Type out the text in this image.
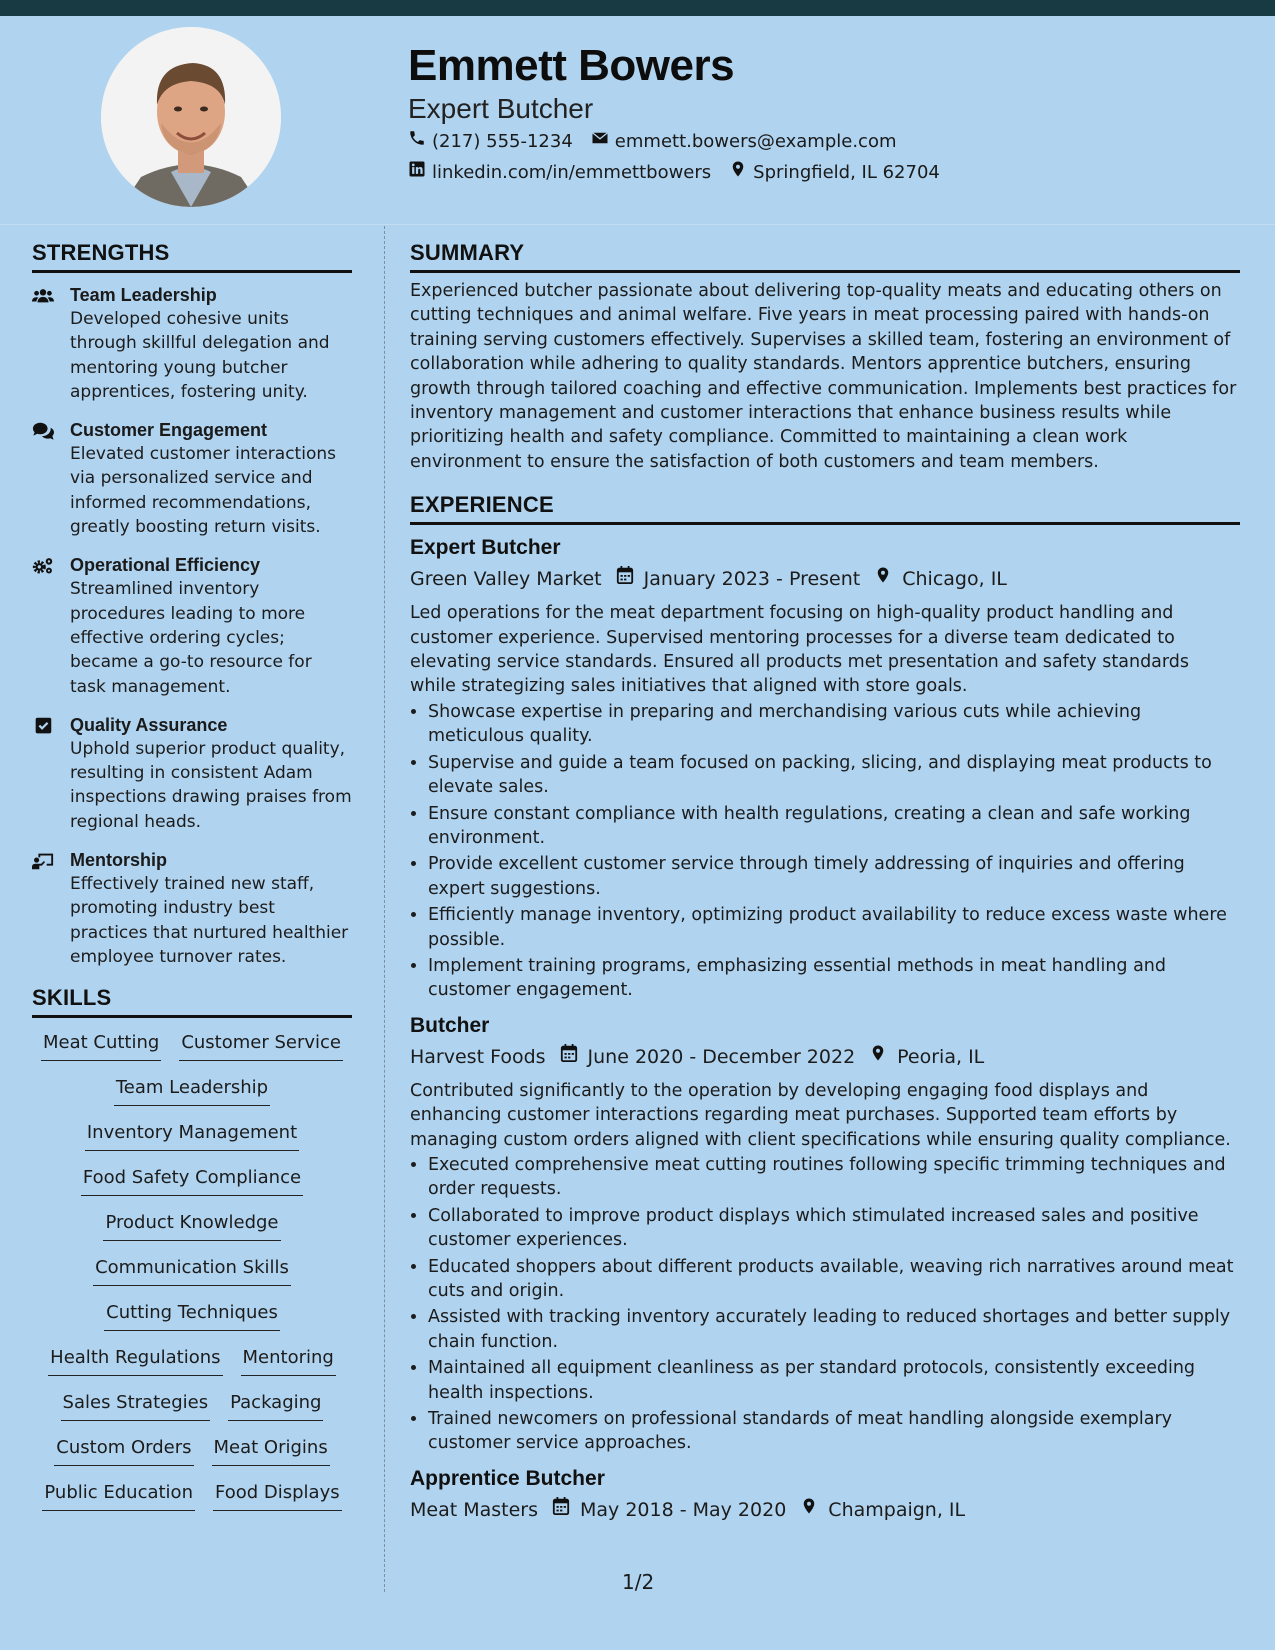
Emmett Bowers
Expert Butcher
(217) 555-1234 emmett.bowers@example.com
linkedin.com/in/emmettbowers Springfield, IL 62704
STRENGTHS
Team Leadership
Developed cohesive units through skillful delegation and mentoring young butcher apprentices, fostering unity.
Customer Engagement
Elevated customer interactions via personalized service and informed recommendations, greatly boosting return visits.
Operational Efficiency
Streamlined inventory procedures leading to more effective ordering cycles; became a go-to resource for task management.
Quality Assurance
Uphold superior product quality, resulting in consistent Adam inspections drawing praises from regional heads.
Mentorship
Effectively trained new staff, promoting industry best practices that nurtured healthier employee turnover rates.
SKILLS
Meat Cutting Customer Service
Team Leadership
Inventory Management
Food Safety Compliance
Product Knowledge
Communication Skills
Cutting Techniques
Health Regulations Mentoring
Sales Strategies Packaging
Custom Orders Meat Origins
Public Education Food Displays
SUMMARY
Experienced butcher passionate about delivering top-quality meats and educating others on cutting techniques and animal welfare. Five years in meat processing paired with hands-on training serving customers effectively. Supervises a skilled team, fostering an environment of collaboration while adhering to quality standards. Mentors apprentice butchers, ensuring growth through tailored coaching and effective communication. Implements best practices for inventory management and customer interactions that enhance business results while prioritizing health and safety compliance. Committed to maintaining a clean work environment to ensure the satisfaction of both customers and team members.
EXPERIENCE
Expert Butcher
Green Valley Market January 2023 - Present Chicago, IL
Led operations for the meat department focusing on high-quality product handling and customer experience. Supervised mentoring processes for a diverse team dedicated to elevating service standards. Ensured all products met presentation and safety standards while strategizing sales initiatives that aligned with store goals.
• Showcase expertise in preparing and merchandising various cuts while achieving meticulous quality.
• Supervise and guide a team focused on packing, slicing, and displaying meat products to elevate sales.
• Ensure constant compliance with health regulations, creating a clean and safe working environment.
• Provide excellent customer service through timely addressing of inquiries and offering expert suggestions.
• Efficiently manage inventory, optimizing product availability to reduce excess waste where possible.
• Implement training programs, emphasizing essential methods in meat handling and customer engagement.
Butcher
Harvest Foods June 2020 - December 2022 Peoria, IL
Contributed significantly to the operation by developing engaging food displays and enhancing customer interactions regarding meat purchases. Supported team efforts by managing custom orders aligned with client specifications while ensuring quality compliance.
• Executed comprehensive meat cutting routines following specific trimming techniques and order requests.
• Collaborated to improve product displays which stimulated increased sales and positive customer experiences.
• Educated shoppers about different products available, weaving rich narratives around meat cuts and origin.
• Assisted with tracking inventory accurately leading to reduced shortages and better supply chain function.
• Maintained all equipment cleanliness as per standard protocols, consistently exceeding health inspections.
• Trained newcomers on professional standards of meat handling alongside exemplary customer service approaches.
Apprentice Butcher
Meat Masters May 2018 - May 2020 Champaign, IL
1/2
